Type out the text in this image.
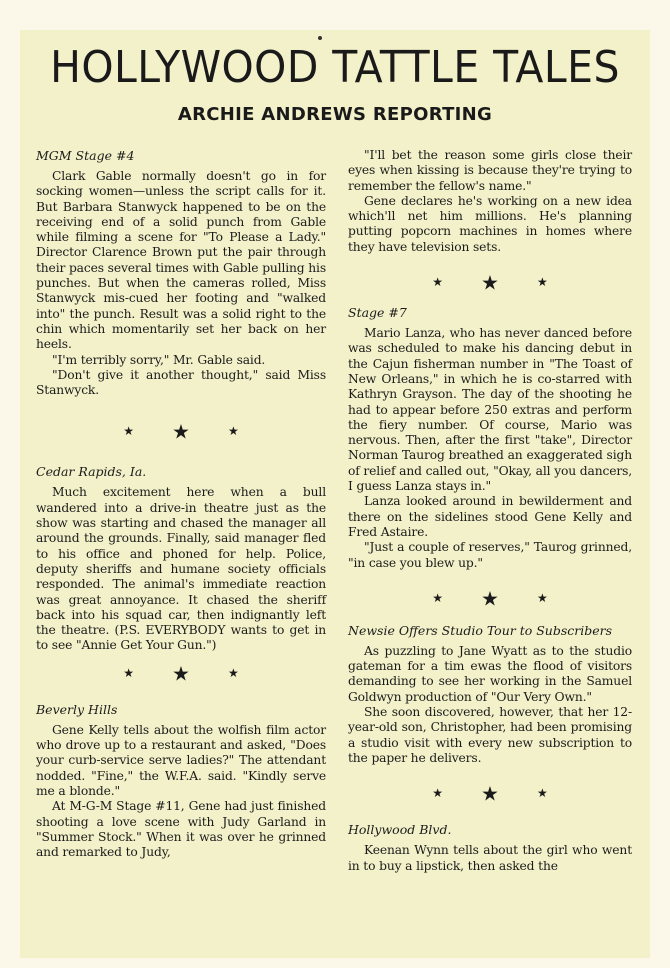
HOLLYWOOD TATTLE TALES
ARCHIE ANDREWS REPORTING
MGM Stage #4

Clark Gable normally doesn't go in for socking women—unless the script calls for it. But Barbara Stanwyck happened to be on the receiving end of a solid punch from Gable while filming a scene for "To Please a Lady." Director Clarence Brown put the pair through their paces several times with Gable pulling his punches. But when the cameras rolled, Miss Stanwyck mis-cued her footing and "walked into" the punch. Result was a solid right to the chin which momentarily set her back on her heels.

"I'm terribly sorry," Mr. Gable said.

"Don't give it another thought," said Miss Stanwyck.

★★★
Cedar Rapids, Ia.

Much excitement here when a bull wandered into a drive-in theatre just as the show was starting and chased the manager all around the grounds. Finally, said manager fled to his office and phoned for help. Police, deputy sheriffs and humane society officials responded. The animal's immediate reaction was great annoyance. It chased the sheriff back into his squad car, then indignantly left the theatre. (P.S. EVERYBODY wants to get in to see "Annie Get Your Gun.")

★★★
Beverly Hills

Gene Kelly tells about the wolfish film actor who drove up to a restaurant and asked, "Does your curb-service serve ladies?" The attendant nodded. "Fine," the W.F.A. said. "Kindly serve me a blonde."

At M-G-M Stage #11, Gene had just finished shooting a love scene with Judy Garland in "Summer Stock." When it was over he grinned and remarked to Judy,

"I'll bet the reason some girls close their eyes when kissing is because they're trying to remember the fellow's name."

Gene declares he's working on a new idea which'll net him millions. He's planning putting popcorn machines in homes where they have television sets.

★★★
Stage #7

Mario Lanza, who has never danced before was scheduled to make his dancing debut in the Cajun fisherman number in "The Toast of New Orleans," in which he is co-starred with Kathryn Grayson. The day of the shooting he had to appear before 250 extras and perform the fiery number. Of course, Mario was nervous. Then, after the first "take", Director Norman Taurog breathed an exaggerated sigh of relief and called out, "Okay, all you dancers, I guess Lanza stays in."

Lanza looked around in bewilderment and there on the sidelines stood Gene Kelly and Fred Astaire.

"Just a couple of reserves," Taurog grinned, "in case you blew up."

★★★
Newsie Offers Studio Tour to Subscribers

As puzzling to Jane Wyatt as to the studio gateman for a tim ewas the flood of visitors demanding to see her working in the Samuel Goldwyn production of "Our Very Own."

She soon discovered, however, that her 12-year-old son, Christopher, had been promising a studio visit with every new subscription to the paper he delivers.

★★★
Hollywood Blvd.

Keenan Wynn tells about the girl who went in to buy a lipstick, then asked the
